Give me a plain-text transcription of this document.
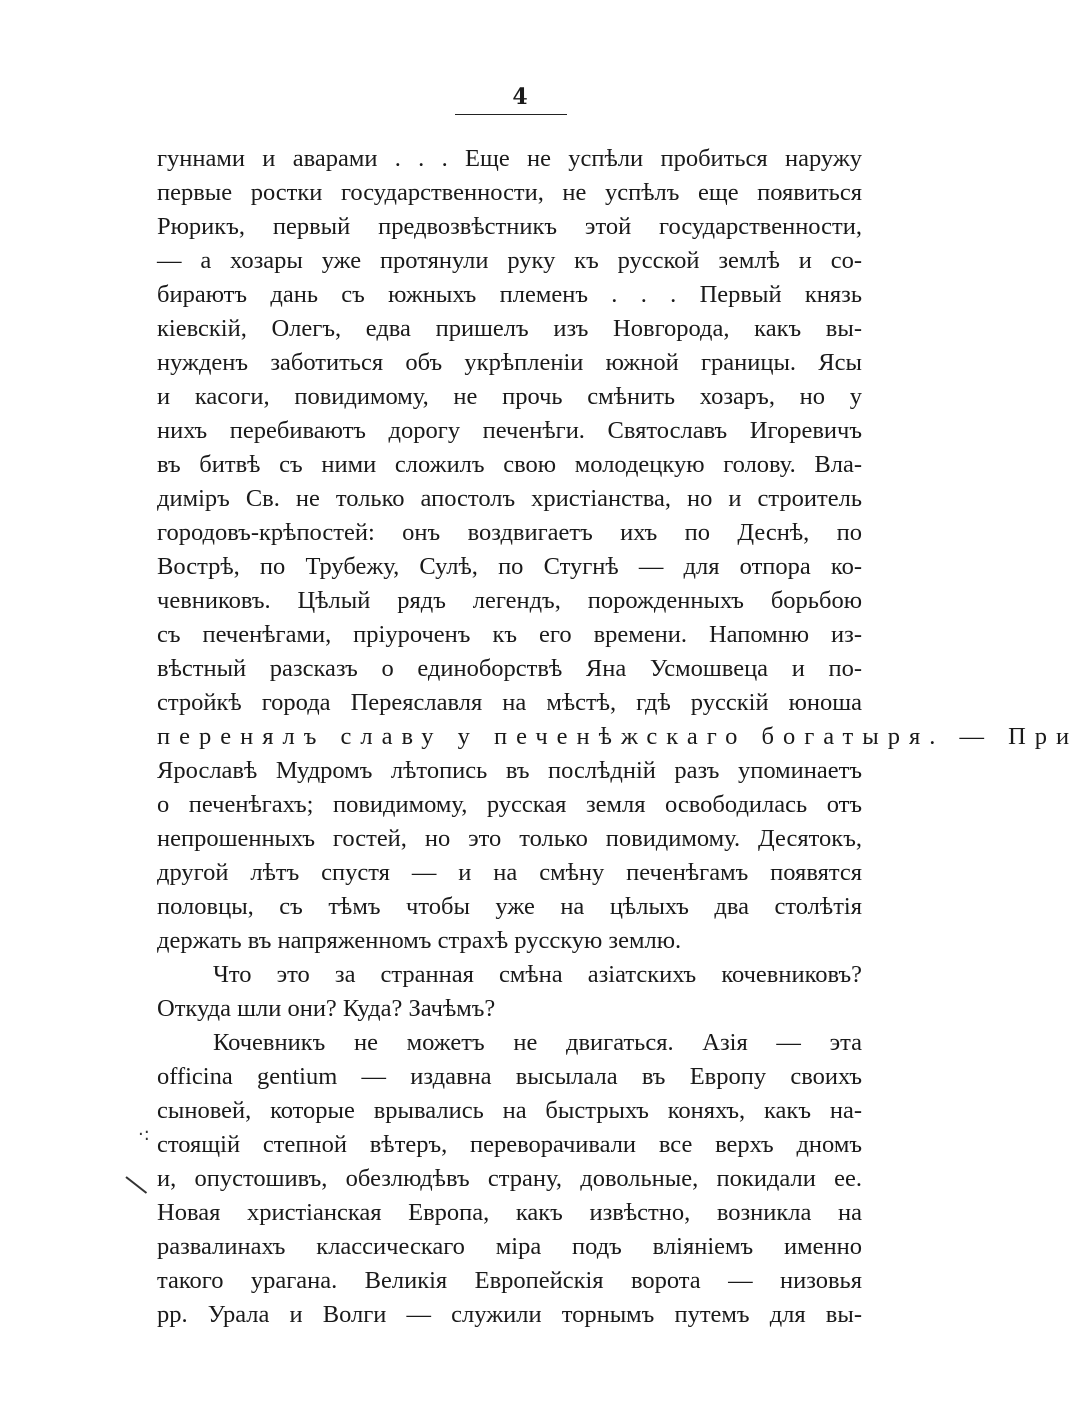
4
гуннами и аварами . . . Еще не успѣли пробиться наружу
первые ростки государственности, не успѣлъ еще появиться
Рюрикъ, первый предвозвѣстникъ этой государственности,
— а хозары уже протянули руку къ русской землѣ и со-
бираютъ дань съ южныхъ племенъ . . . Первый князь
кіевскій, Олегъ, едва пришелъ изъ Новгорода, какъ вы-
нужденъ заботиться объ укрѣпленіи южной границы. Ясы
и касоги, повидимому, не прочь смѣнить хозаръ, но у
нихъ перебиваютъ дорогу печенѣги. Святославъ Игоревичъ
въ битвѣ съ ними сложилъ свою молодецкую голову. Вла-
диміръ Св. не только апостолъ христіанства, но и строитель
городовъ-крѣпостей: онъ воздвигаетъ ихъ по Деснѣ, по
Вострѣ, по Трубежу, Сулѣ, по Стугнѣ — для отпора ко-
чевниковъ. Цѣлый рядъ легендъ, порожденныхъ борьбою
съ печенѣгами, пріуроченъ къ его времени. Напомню из-
вѣстный разсказъ о единоборствѣ Яна Усмошвеца и по-
стройкѣ города Переяславля на мѣстѣ, гдѣ русскій юноша
перенялъ славу у печенѣжскаго богатыря. — При
Ярославѣ Мудромъ лѣтопись въ послѣдній разъ упоминаетъ
о печенѣгахъ; повидимому, русская земля освободилась отъ
непрошенныхъ гостей, но это только повидимому. Десятокъ,
другой лѣтъ спустя — и на смѣну печенѣгамъ появятся
половцы, съ тѣмъ чтобы уже на цѣлыхъ два столѣтія
держать въ напряженномъ страхѣ русскую землю.
Что это за странная смѣна азіатскихъ кочевниковъ?
Откуда шли они? Куда? Зачѣмъ?
Кочевникъ не можетъ не двигаться. Азія — эта
officina gentium — издавна высылала въ Европу своихъ
сыновей, которые врывались на быстрыхъ коняхъ, какъ на-
стоящій степной вѣтеръ, переворачивали все верхъ дномъ
и, опустошивъ, обезлюдѣвъ страну, довольные, покидали ее.
Новая христіанская Европа, какъ извѣстно, возникла на
развалинахъ классическаго міра подъ вліяніемъ именно
такого урагана. Великія Европейскія ворота — низовья
рр. Урала и Волги — служили торнымъ путемъ для вы-
·:
